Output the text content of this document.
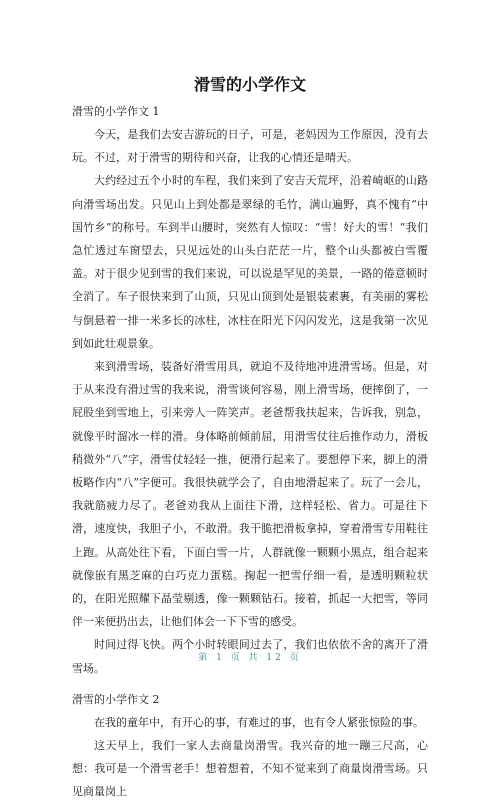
滑雪的小学作文

滑雪的小学作文 1

今天，是我们去安吉游玩的日子，可是，老妈因为工作原因，没有去玩。不过，对于滑雪的期待和兴奋，让我的心情还是晴天。

大约经过五个小时的车程，我们来到了安吉天荒坪，沿着崎岖的山路向滑雪场出发。只见山上到处都是翠绿的毛竹，满山遍野，真不愧有“中国竹乡”的称号。车到半山腰时，突然有人惊叹：“雪！好大的雪！”我们急忙透过车窗望去，只见远处的山头白茫茫一片，整个山头都被白雪覆盖。对于很少见到雪的我们来说，可以说是罕见的美景，一路的倦意顿时全消了。车子很快来到了山顶，只见山顶到处是银装素裹，有美丽的雾松与倒悬着一排一米多长的冰柱，冰柱在阳光下闪闪发光，这是我第一次见到如此壮观景象。

来到滑雪场，装备好滑雪用具，就迫不及待地冲进滑雪场。但是，对于从来没有滑过雪的我来说，滑雪谈何容易，刚上滑雪场，便摔倒了，一屁股坐到雪地上，引来旁人一阵笑声。老爸帮我扶起来，告诉我，别急，就像平时溜冰一样的滑。身体略前倾前屈，用滑雪仗往后推作动力，滑板稍微外“八”字，滑雪仗轻轻一推，便滑行起来了。要想停下来，脚上的滑板略作内“八”字便可。我很快就学会了，自由地滑起来了。玩了一会儿，我就筋疲力尽了。老爸劝我从上面往下滑，这样轻松、省力。可是往下滑，速度快，我胆子小，不敢滑。我干脆把滑板拿掉，穿着滑雪专用鞋往上跑。从高处往下看，下面白雪一片，人群就像一颗颗小黑点，组合起来就像嵌有黑芝麻的白巧克力蛋糕。掬起一把雪仔细一看，是透明颗粒状的，在阳光照耀下晶莹剔透，像一颗颗钻石。接着，抓起一大把雪，等同伴一来便扔出去，让他们体会一下下雪的感受。

时间过得飞快。两个小时转眼间过去了，我们也依依不舍的离开了滑雪场。

滑雪的小学作文 2

在我的童年中，有开心的事，有难过的事，也有令人紧张惊险的事。

这天早上，我们一家人去商量岗滑雪。我兴奋的地一蹦三尺高，心想：我可是一个滑雪老手！想着想着，不知不觉来到了商量岗滑雪场。只见商量岗上

第 1 页 共 12 页
